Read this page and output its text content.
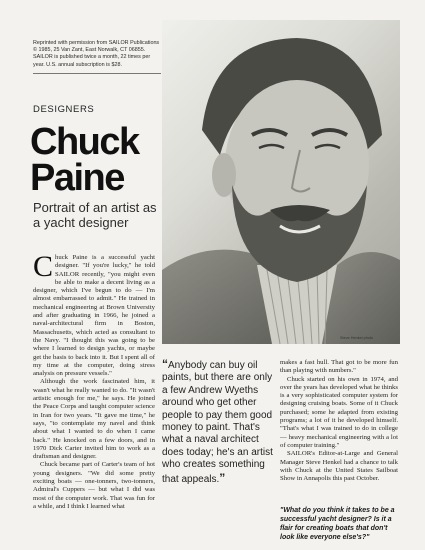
Reprinted with permission from SAILOR Publications © 1985, 25 Van Zant, East Norwalk, CT 06855. SAILOR is published twice a month, 22 times per year. U.S. annual subscription is $28.
DESIGNERS
Chuck
Paine
Portrait of an artist as a yacht designer
Steve Henkel photo

Chuck Paine is a successful yacht designer. "If you're lucky," he told SAILOR recently, "you might even be able to make a decent living as a designer, which I've begun to do — I'm almost embarrassed to admit." He trained in mechanical engineering at Brown University and after graduating in 1966, he joined a naval-architectural firm in Boston, Massachusetts, which acted as consultant to the Navy. "I thought this was going to be where I learned to design yachts, or maybe get the basis to back into it. But I spent all of my time at the computer, doing stress analysis on pressure vessels."

Although the work fascinated him, it wasn't what he really wanted to do. "It wasn't artistic enough for me," he says. He joined the Peace Corps and taught computer science in Iran for two years. "It gave me time," he says, "to contemplate my navel and think about what I wanted to do when I came back." He knocked on a few doors, and in 1970 Dick Carter invited him to work as a draftsman and designer.

Chuck became part of Carter's team of hot young designers. "We did some pretty exciting boats — one-tonners, two-tonners, Admiral's Cuppers — but what I did was most of the computer work. That was fun for a while, and I think I learned what

“Anybody can buy oil paints, but there are only a few Andrew Wyeths around who get other people to pay them good money to paint. That's what a naval architect does today; he's an artist who creates something that appeals.”

makes a fast hull. That got to be more fun than playing with numbers."

Chuck started on his own in 1974, and over the years has developed what he thinks is a very sophisticated computer system for designing cruising boats. Some of it Chuck purchased; some he adapted from existing programs; a lot of it he developed himself. "That's what I was trained to do in college — heavy mechanical engineering with a lot of computer training."

SAILOR's Editor-at-Large and General Manager Steve Henkel had a chance to talk with Chuck at the United States Sailboat Show in Annapolis this past October.

"What do you think it takes to be a successful yacht designer? Is it a flair for creating boats that don't look like everyone else's?"
